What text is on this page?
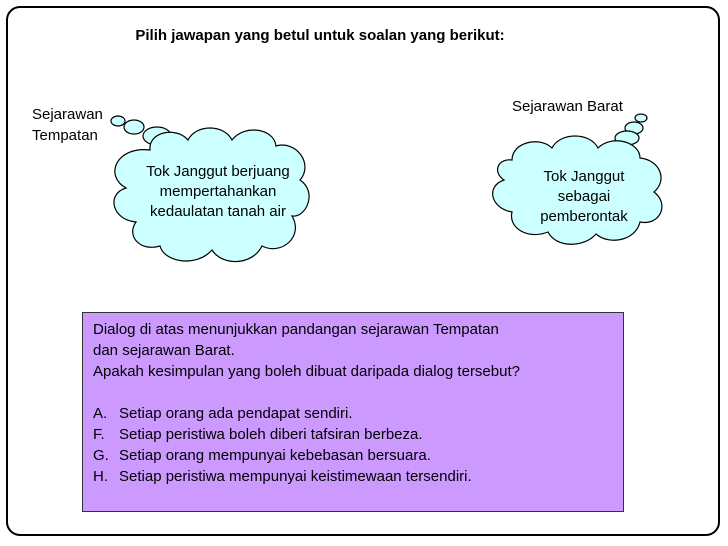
Pilih jawapan yang betul untuk soalan yang berikut:
Sejarawan
Tempatan
Sejarawan Barat
Tok Janggut berjuang mempertahankan kedaulatan tanah air
Tok Janggut sebagai pemberontak

Dialog di atas menunjukkan pandangan sejarawan Tempatan

dan sejarawan Barat.

Apakah kesimpulan yang boleh dibuat daripada dialog tersebut?

A. Setiap orang ada pendapat sendiri.
F. Setiap peristiwa boleh diberi tafsiran berbeza.
G. Setiap orang mempunyai kebebasan bersuara.
H. Setiap peristiwa mempunyai keistimewaan tersendiri.
